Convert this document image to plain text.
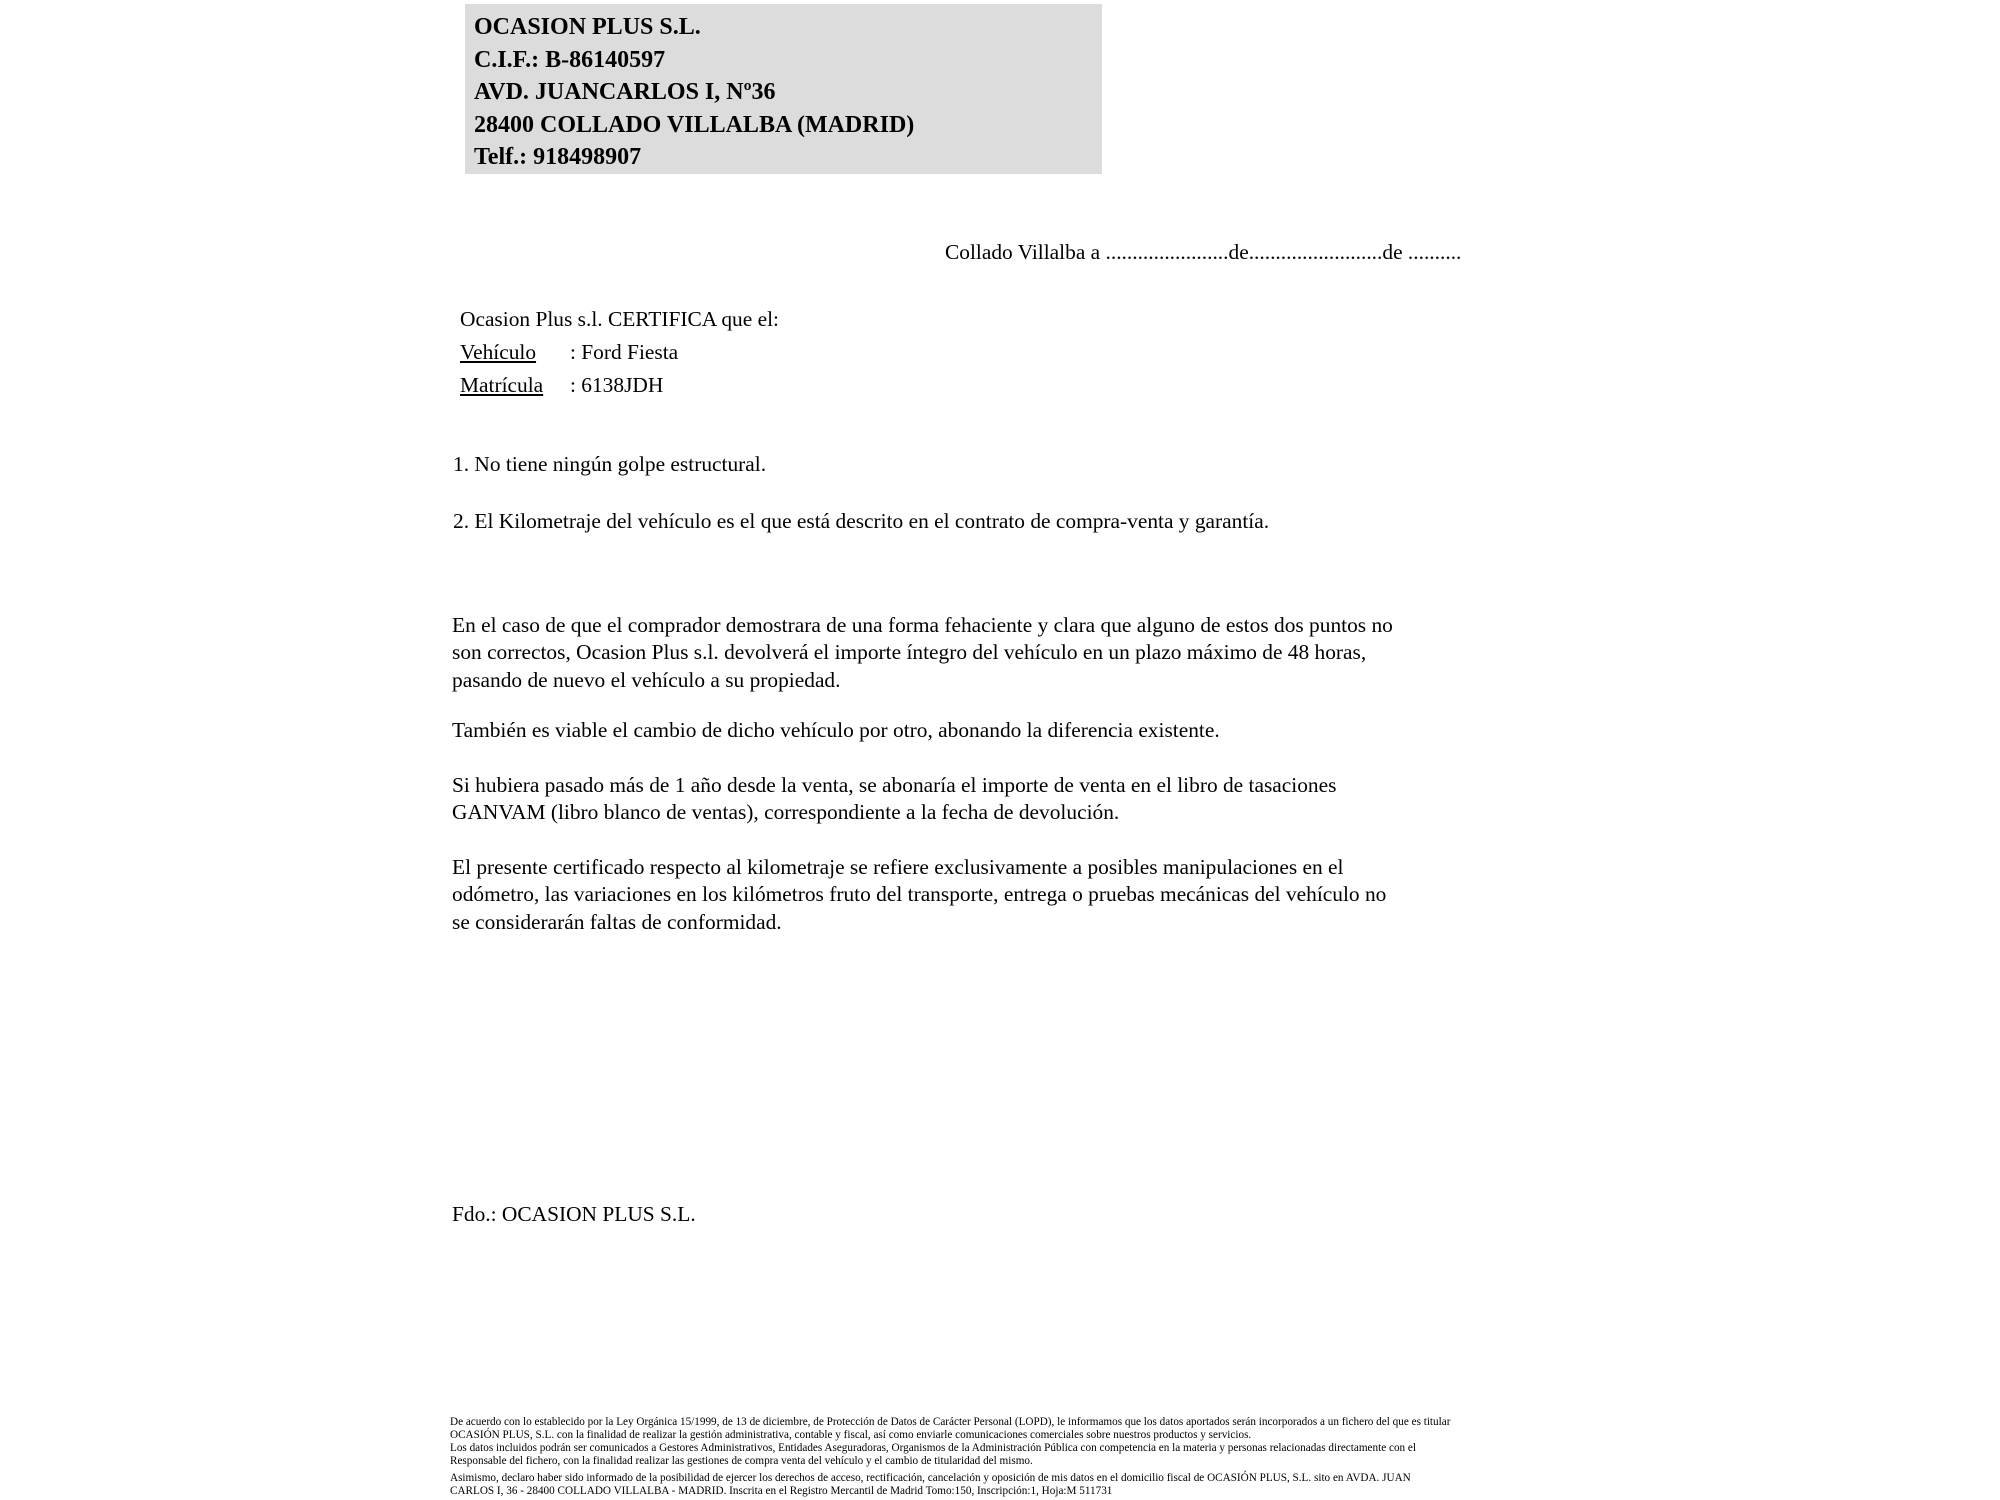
OCASION PLUS S.L.
C.I.F.: B-86140597
AVD. JUANCARLOS I, Nº36
28400 COLLADO VILLALBA (MADRID)
Telf.: 918498907
Collado Villalba a .......................de.........................de ..........
Ocasion Plus s.l. CERTIFICA que el:
Vehículo : Ford Fiesta
Matrícula : 6138JDH
1. No tiene ningún golpe estructural.
2. El Kilometraje del vehículo es el que está descrito en el contrato de compra-venta y garantía.
En el caso de que el comprador demostrara de una forma fehaciente y clara que alguno de estos dos puntos no
son correctos, Ocasion Plus s.l. devolverá el importe íntegro del vehículo en un plazo máximo de 48 horas,
pasando de nuevo el vehículo a su propiedad.
También es viable el cambio de dicho vehículo por otro, abonando la diferencia existente.
Si hubiera pasado más de 1 año desde la venta, se abonaría el importe de venta en el libro de tasaciones
GANVAM (libro blanco de ventas), correspondiente a la fecha de devolución.
El presente certificado respecto al kilometraje se refiere exclusivamente a posibles manipulaciones en el
odómetro, las variaciones en los kilómetros fruto del transporte, entrega o pruebas mecánicas del vehículo no
se considerarán faltas de conformidad.
Fdo.: OCASION PLUS S.L.
De acuerdo con lo establecido por la Ley Orgánica 15/1999, de 13 de diciembre, de Protección de Datos de Carácter Personal (LOPD), le informamos que los datos aportados serán incorporados a un fichero del que es titular
OCASIÓN PLUS, S.L. con la finalidad de realizar la gestión administrativa, contable y fiscal, así como enviarle comunicaciones comerciales sobre nuestros productos y servicios.
Los datos incluidos podrán ser comunicados a Gestores Administrativos, Entidades Aseguradoras, Organismos de la Administración Pública con competencia en la materia y personas relacionadas directamente con el
Responsable del fichero, con la finalidad realizar las gestiones de compra venta del vehículo y el cambio de titularidad del mismo.
Asimismo, declaro haber sido informado de la posibilidad de ejercer los derechos de acceso, rectificación, cancelación y oposición de mis datos en el domicilio fiscal de OCASIÓN PLUS, S.L. sito en AVDA. JUAN
CARLOS I, 36 - 28400 COLLADO VILLALBA - MADRID. Inscrita en el Registro Mercantil de Madrid Tomo:150, Inscripción:1, Hoja:M 511731
